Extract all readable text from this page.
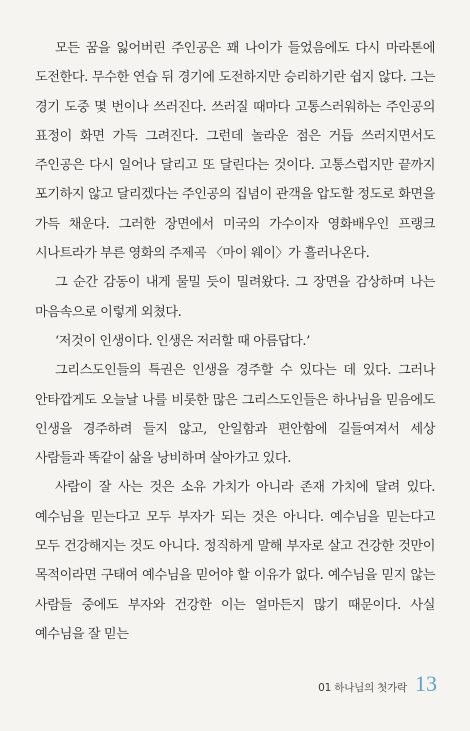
모든 꿈을 잃어버린 주인공은 꽤 나이가 들었음에도 다시 마라톤에 도전한다. 무수한 연습 뒤 경기에 도전하지만 승리하기란 쉽지 않다. 그는 경기 도중 몇 번이나 쓰러진다. 쓰러질 때마다 고통스러워하는 주인공의 표정이 화면 가득 그려진다. 그런데 놀라운 점은 거듭 쓰러지면서도 주인공은 다시 일어나 달리고 또 달린다는 것이다. 고통스럽지만 끝까지 포기하지 않고 달리겠다는 주인공의 집념이 관객을 압도할 정도로 화면을 가득 채운다. 그러한 장면에서 미국의 가수이자 영화배우인 프랭크 시나트라가 부른 영화의 주제곡 〈마이 웨이〉가 흘러나온다.

그 순간 감동이 내게 물밀 듯이 밀려왔다. 그 장면을 감상하며 나는 마음속으로 이렇게 외쳤다.

‘저것이 인생이다. 인생은 저러할 때 아름답다.’

그리스도인들의 특권은 인생을 경주할 수 있다는 데 있다. 그러나 안타깝게도 오늘날 나를 비롯한 많은 그리스도인들은 하나님을 믿음에도 인생을 경주하려 들지 않고, 안일함과 편안함에 길들여져서 세상 사람들과 똑같이 삶을 낭비하며 살아가고 있다.

사람이 잘 사는 것은 소유 가치가 아니라 존재 가치에 달려 있다. 예수님을 믿는다고 모두 부자가 되는 것은 아니다. 예수님을 믿는다고 모두 건강해지는 것도 아니다. 정직하게 말해 부자로 살고 건강한 것만이 목적이라면 구태여 예수님을 믿어야 할 이유가 없다. 예수님을 믿지 않는 사람들 중에도 부자와 건강한 이는 얼마든지 많기 때문이다. 사실 예수님을 잘 믿는

01 하나님의 첫가락 13
